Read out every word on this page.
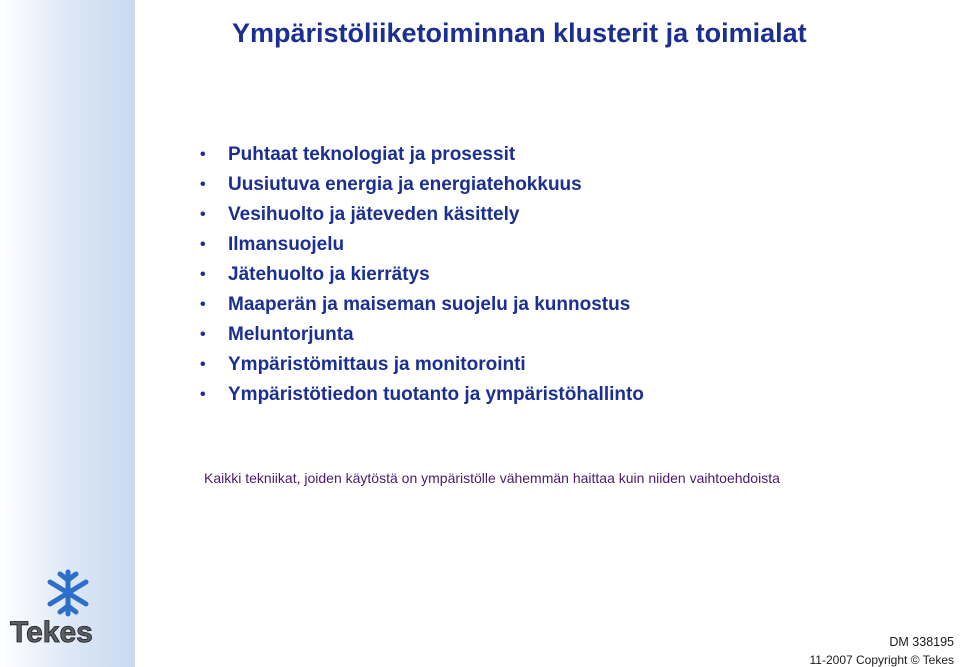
Ympäristöliiketoiminnan klusterit ja toimialat
• Puhtaat teknologiat ja prosessit
• Uusiutuva energia ja energiatehokkuus
• Vesihuolto ja jäteveden käsittely
• Ilmansuojelu
• Jätehuolto ja kierrätys
• Maaperän ja maiseman suojelu ja kunnostus
• Meluntorjunta
• Ympäristömittaus ja monitorointi
• Ympäristötiedon tuotanto ja ympäristöhallinto
Kaikki tekniikat, joiden käytöstä on ympäristölle vähemmän haittaa kuin niiden vaihtoehdoista
Tekes	DM 338195
11-2007 Copyright © Tekes
